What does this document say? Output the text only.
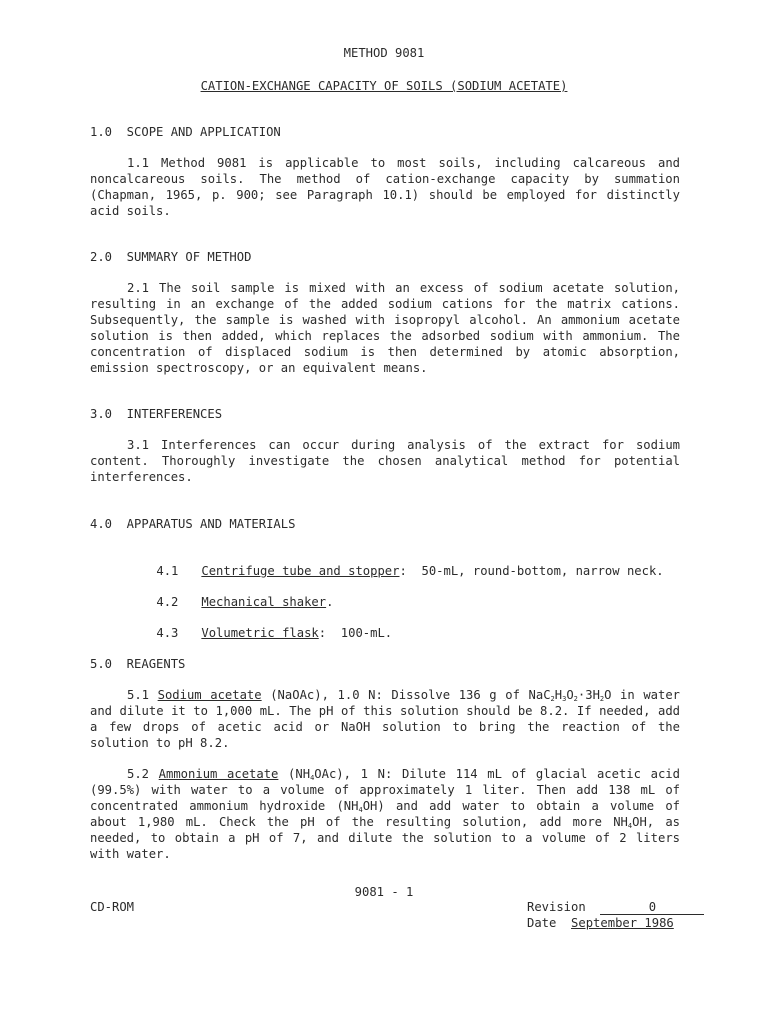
METHOD 9081
CATION-EXCHANGE CAPACITY OF SOILS (SODIUM ACETATE)
1.0  SCOPE AND APPLICATION
1.1 Method 9081 is applicable to most soils, including calcareous and noncalcareous soils. The method of cation-exchange capacity by summation (Chapman, 1965, p. 900; see Paragraph 10.1) should be employed for distinctly acid soils.
2.0  SUMMARY OF METHOD
2.1 The soil sample is mixed with an excess of sodium acetate solution, resulting in an exchange of the added sodium cations for the matrix cations. Subsequently, the sample is washed with isopropyl alcohol. An ammonium acetate solution is then added, which replaces the adsorbed sodium with ammonium. The concentration of displaced sodium is then determined by atomic absorption, emission spectroscopy, or an equivalent means.
3.0  INTERFERENCES
3.1 Interferences can occur during analysis of the extract for sodium content. Thoroughly investigate the chosen analytical method for potential interferences.
4.0  APPARATUS AND MATERIALS

4.1 Centrifuge tube and stopper:  50-mL, round-bottom, narrow neck.

4.2 Mechanical shaker.

4.3 Volumetric flask:  100-mL.

5.0  REAGENTS
5.1 Sodium acetate (NaOAc), 1.0 N: Dissolve 136 g of $NaC_2H_3O_2\cdot 3H_2O$ in water and dilute it to 1,000 mL. The pH of this solution should be 8.2. If needed, add a few drops of acetic acid or NaOH solution to bring the reaction of the solution to pH 8.2.
5.2 Ammonium acetate $(NH_4OAc)$, 1 N: Dilute 114 mL of glacial acetic acid (99.5%) with water to a volume of approximately 1 liter. Then add 138 mL of concentrated ammonium hydroxide $(NH_4OH)$ and add water to obtain a volume of about 1,980 mL. Check the pH of the resulting solution, add more $NH_4OH$, as needed, to obtain a pH of 7, and dilute the solution to a volume of 2 liters with water.
9081 - 1
CD-ROM	Revision	0
Date September 1986
